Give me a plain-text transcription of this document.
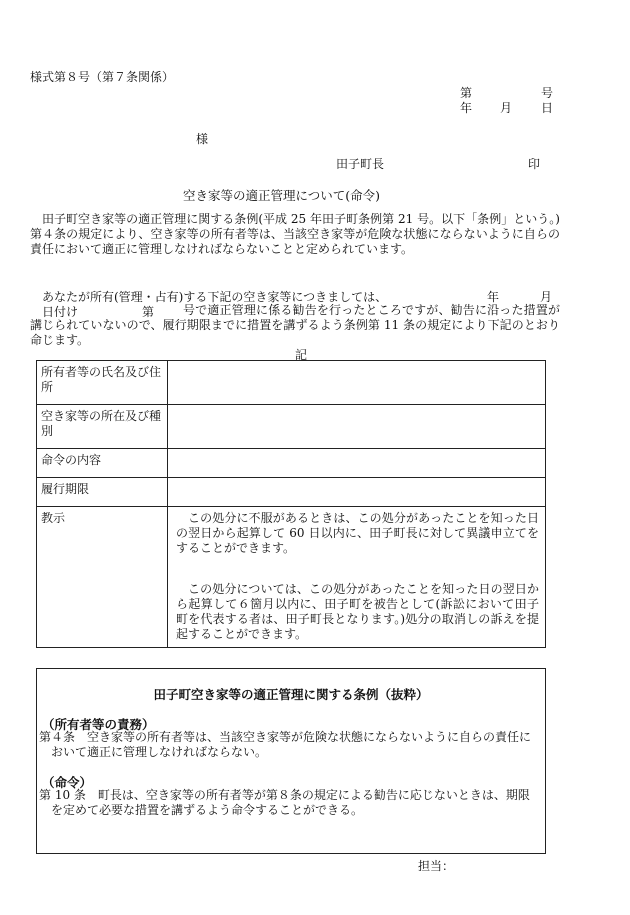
様式第８号（第７条関係）
第	号
年 月 日
様
田子町長	印
空き家等の適正管理について(命令)
田子町空き家等の適正管理に関する条例(平成 25 年田子町条例第 21 号。以下「条例」という。)第４条の規定により、空き家等の所有者等は、当該空き家等が危険な状態にならないように自らの責任において適正に管理しなければならないことと定められています。
あなたが所有(管理・占有)する下記の空き家等につきましては、	年	月
日付け	第	号で適正管理に係る勧告を行ったところですが、勧告に沿った措置が講じられていないので、履行期限までに措置を講ずるよう条例第 11 条の規定により下記のとおり命じます。
記
所有者等の氏名及び住所	
空き家等の所在及び種別	
命令の内容	
履行期限	
教示	この処分に不服があるときは、この処分があったことを知った日の翌日から起算して 60 日以内に、田子町長に対して異議申立てをすることができます。
この処分については、この処分があったことを知った日の翌日から起算して６箇月以内に、田子町を被告として(訴訟において田子町を代表する者は、田子町長となります。)処分の取消しの訴えを提起することができます。
田子町空き家等の適正管理に関する条例（抜粋）
（所有者等の責務）
第４条　空き家等の所有者等は、当該空き家等が危険な状態にならないように自らの責任において適正に管理しなければならない。
（命令）
第 10 条　町長は、空き家等の所有者等が第８条の規定による勧告に応じないときは、期限を定めて必要な措置を講ずるよう命令することができる。
担当：
